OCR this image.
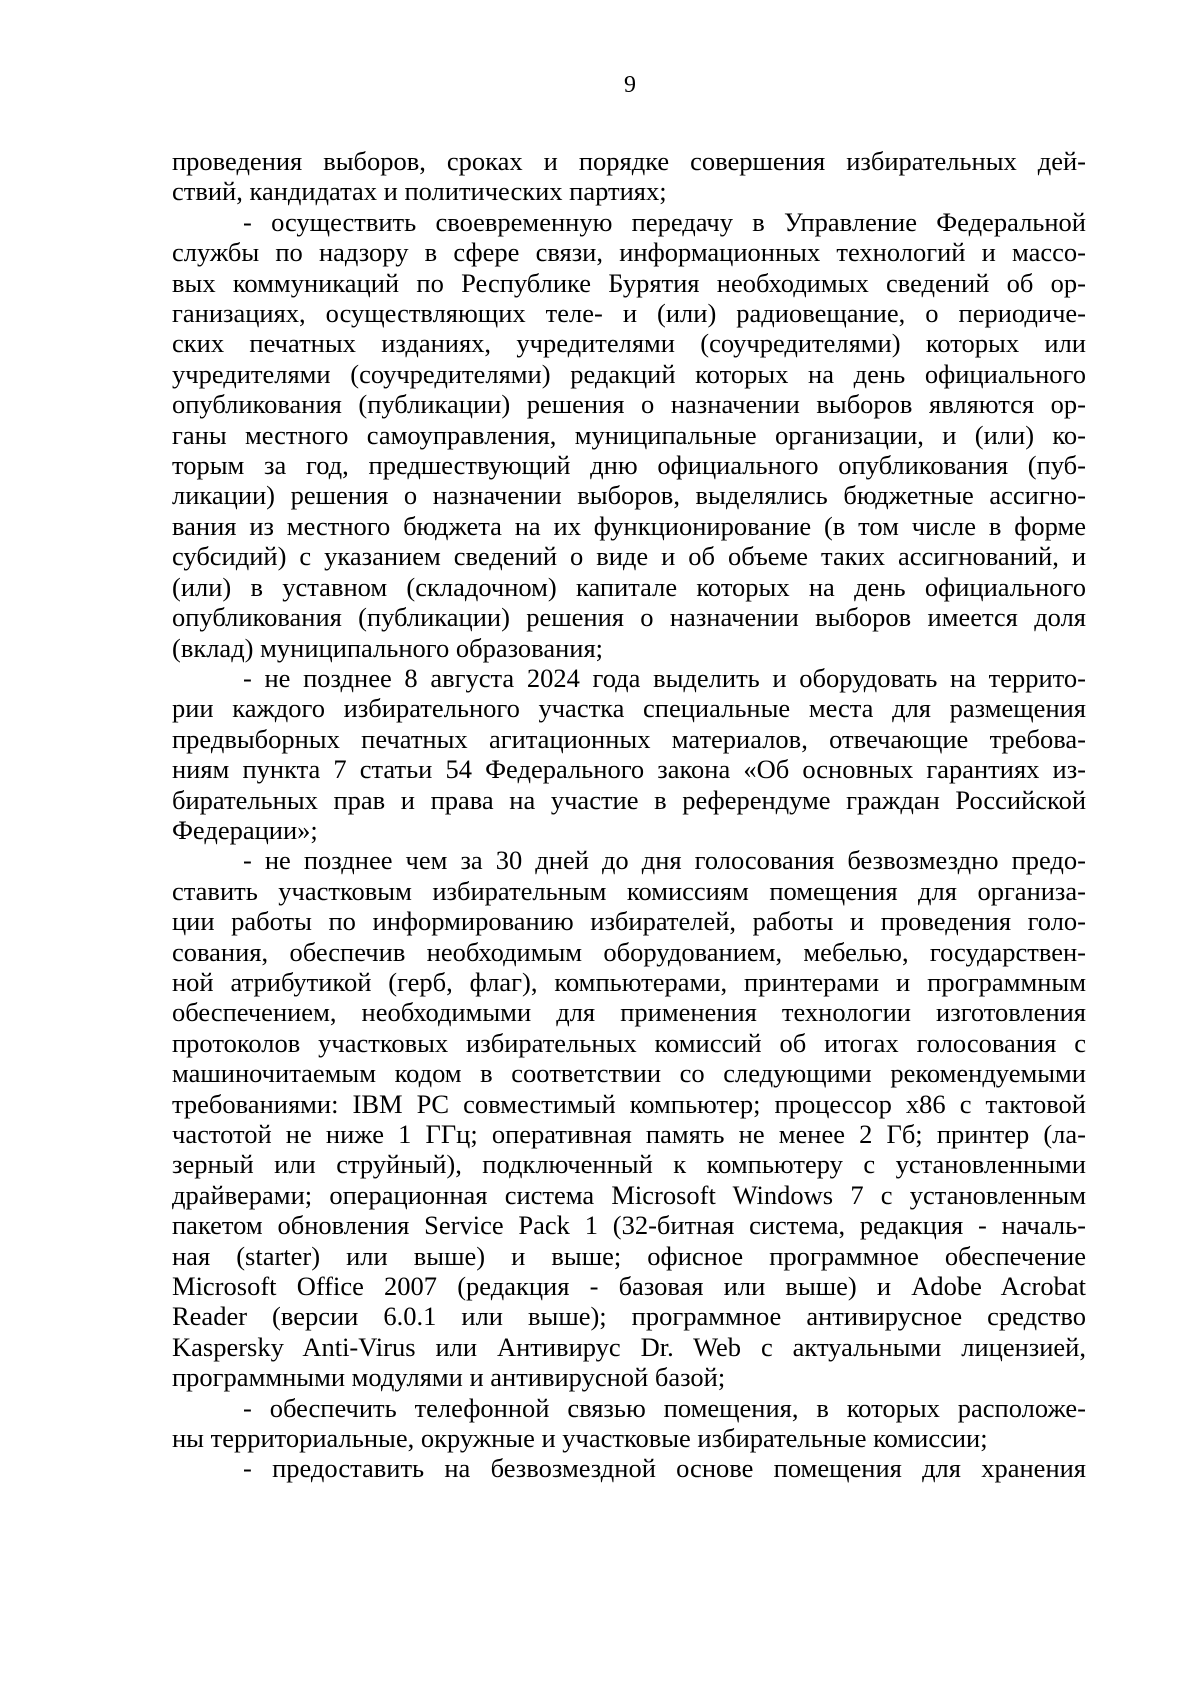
9
проведения выборов, сроках и порядке совершения избирательных дей-
ствий, кандидатах и политических партиях;
- осуществить своевременную передачу в Управление Федеральной
службы по надзору в сфере связи, информационных технологий и массо-
вых коммуникаций по Республике Бурятия необходимых сведений об ор-
ганизациях, осуществляющих теле- и (или) радиовещание, о периодиче-
ских печатных изданиях, учредителями (соучредителями) которых или
учредителями (соучредителями) редакций которых на день официального
опубликования (публикации) решения о назначении выборов являются ор-
ганы местного самоуправления, муниципальные организации, и (или) ко-
торым за год, предшествующий дню официального опубликования (пуб-
ликации) решения о назначении выборов, выделялись бюджетные ассигно-
вания из местного бюджета на их функционирование (в том числе в форме
субсидий) с указанием сведений о виде и об объеме таких ассигнований, и
(или) в уставном (складочном) капитале которых на день официального
опубликования (публикации) решения о назначении выборов имеется доля
(вклад) муниципального образования;
- не позднее 8 августа 2024 года выделить и оборудовать на террито-
рии каждого избирательного участка специальные места для размещения
предвыборных печатных агитационных материалов, отвечающие требова-
ниям пункта 7 статьи 54 Федерального закона «Об основных гарантиях из-
бирательных прав и права на участие в референдуме граждан Российской
Федерации»;
- не позднее чем за 30 дней до дня голосования безвозмездно предо-
ставить участковым избирательным комиссиям помещения для организа-
ции работы по информированию избирателей, работы и проведения голо-
сования, обеспечив необходимым оборудованием, мебелью, государствен-
ной атрибутикой (герб, флаг), компьютерами, принтерами и программным
обеспечением, необходимыми для применения технологии изготовления
протоколов участковых избирательных комиссий об итогах голосования с
машиночитаемым кодом в соответствии со следующими рекомендуемыми
требованиями: IBM PC совместимый компьютер; процессор x86 с тактовой
частотой не ниже 1 ГГц; оперативная память не менее 2 Гб; принтер (ла-
зерный или струйный), подключенный к компьютеру с установленными
драйверами; операционная система Microsoft Windows 7 с установленным
пакетом обновления Service Pack 1 (32-битная система, редакция - началь-
ная (starter) или выше) и выше; офисное программное обеспечение
Microsoft Office 2007 (редакция - базовая или выше) и Adobe Acrobat
Reader (версии 6.0.1 или выше); программное антивирусное средство
Kaspersky Anti-Virus или Антивирус Dr. Web с актуальными лицензией,
программными модулями и антивирусной базой;
- обеспечить телефонной связью помещения, в которых расположе-
ны территориальные, окружные и участковые избирательные комиссии;
- предоставить на безвозмездной основе помещения для хранения
